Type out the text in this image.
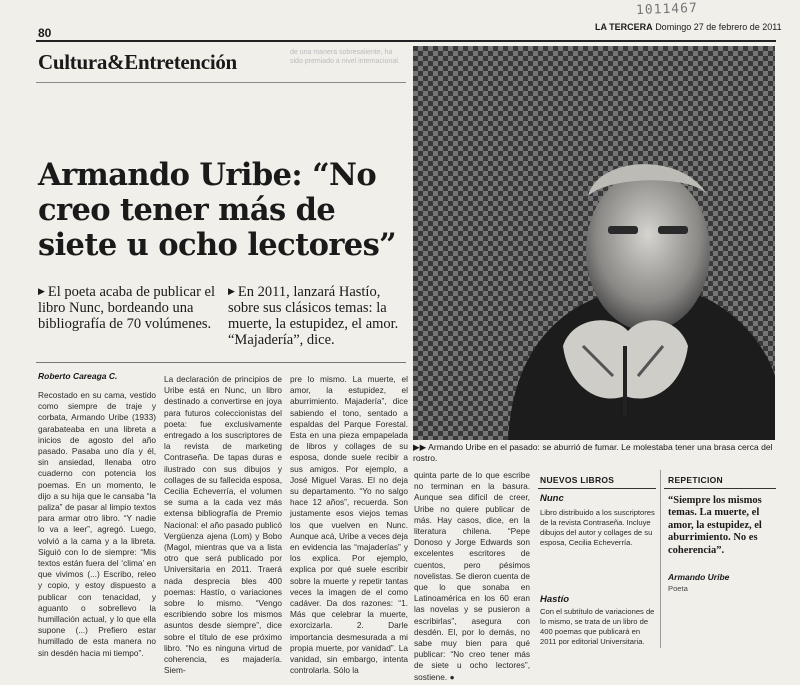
1011467
80	LA TERCERA Domingo 27 de febrero de 2011
Cultura&Entretención	de una manera sobresaliente, ha sido premiado a nivel internacional.
Armando Uribe: “No creo tener más de siete u ocho lectores”
▶ El poeta acaba de publicar el libro Nunc, bordeando una bibliografía de 70 volúmenes.
▶ En 2011, lanzará Hastío, sobre sus clásicos temas: la muerte, la estupidez, el amor. “Majadería”, dice.
Roberto Careaga C.
Recostado en su cama, vestido como siempre de traje y corbata, Armando Uribe (1933) garabateaba en una libreta a inicios de agosto del año pasado. Pasaba uno día y él, sin ansiedad, llenaba otro cuaderno con potencia los poemas. En un momento, le dijo a su hija que le cansaba “la paliza” de pasar al limpio textos para armar otro libro. “Y nadie lo va a leer”, agregó. Luego, volvió a la cama y a la libreta. Siguió con lo de siempre: “Mis textos están fuera del ‘clima’ en que vivimos (...) Escribo, releo y copio, y estoy dispuesto a publicar con tenacidad, y aguanto o sobrellevo la humillación actual, y lo que ella supone (...) Prefiero estar humillado de esta manera no sin desdén hacia mi tiempo”.
La declaración de principios de Uribe está en Nunc, un libro destinado a convertirse en joya para futuros coleccionistas del poeta: fue exclusivamente entregado a los suscriptores de la revista de marketing Contraseña. De tapas duras e ilustrado con sus dibujos y collages de su fallecida esposa, Cecilia Echeverría, el volumen se suma a la cada vez más extensa bibliografía de Premio Nacional: el año pasado publicó Vergüenza ajena (Lom) y Bobo (Magol, mientras que va a lista otro que será publicado por Universitaria en 2011. Traerá nada desprecia bles 400 poemas: Hastío, o variaciones sobre lo mismo. “Vengo escribiendo sobre los mismos asuntos desde siempre”, dice sobre el título de ese próximo libro. “No es ninguna virtud de coherencia, es majadería. Siem-
pre lo mismo. La muerte, el amor, la estupidez, el aburrimiento. Majadería”, dice sabiendo el tono, sentado a espaldas del Parque Forestal. Esta en una pieza empapelada de libros y collages de su esposa, donde suele recibir a sus amigos. Por ejemplo, a José Miguel Varas. El no deja su departamento. “Yo no salgo hace 12 años”, recuerda. Son justamente esos viejos temas los que vuelven en Nunc. Aunque acá, Uribe a veces deja en evidencia las “majaderías” y los explica. Por ejemplo, explica por qué suele escribir sobre la muerte y repetir tantas veces la imagen de el como cadáver. Da dos razones: “1. Más que celebrar la muerte, exorcizarla. 2. Darle importancia desmesurada a mi propia muerte, por vanidad”. La vanidad, sin embargo, intenta controlarla. Sólo la
quinta parte de lo que escribe no terminan en la basura. Aunque sea difícil de creer, Uribe no quiere publicar de más. Hay casos, dice, en la literatura chilena. “Pepe Donoso y Jorge Edwards son excelentes escritores de cuentos, pero pésimos novelistas. Se dieron cuenta de que lo que sonaba en Latinoamérica en los 60 eran las novelas y se pusieron a escribirlas”, asegura con desdén. El, por lo demás, no sabe muy bien para qué publicar: “No creo tener más de siete u ocho lectores”, sostiene. ●
▶▶ Armando Uribe en el pasado: se aburrió de fumar. Le molestaba tener una brasa cerca del rostro.
NUEVOS LIBROS
Nunc
Libro distribuido a los suscriptores de la revista Contraseña. Incluye dibujos del autor y collages de su esposa, Cecilia Echeverría.
Hastío
Con el subtítulo de variaciones de lo mismo, se trata de un libro de 400 poemas que publicará en 2011 por editorial Universitaria.
REPETICION
“Siempre los mismos temas. La muerte, el amor, la estupidez, el aburrimiento. No es coherencia”.
Armando Uribe
Poeta
